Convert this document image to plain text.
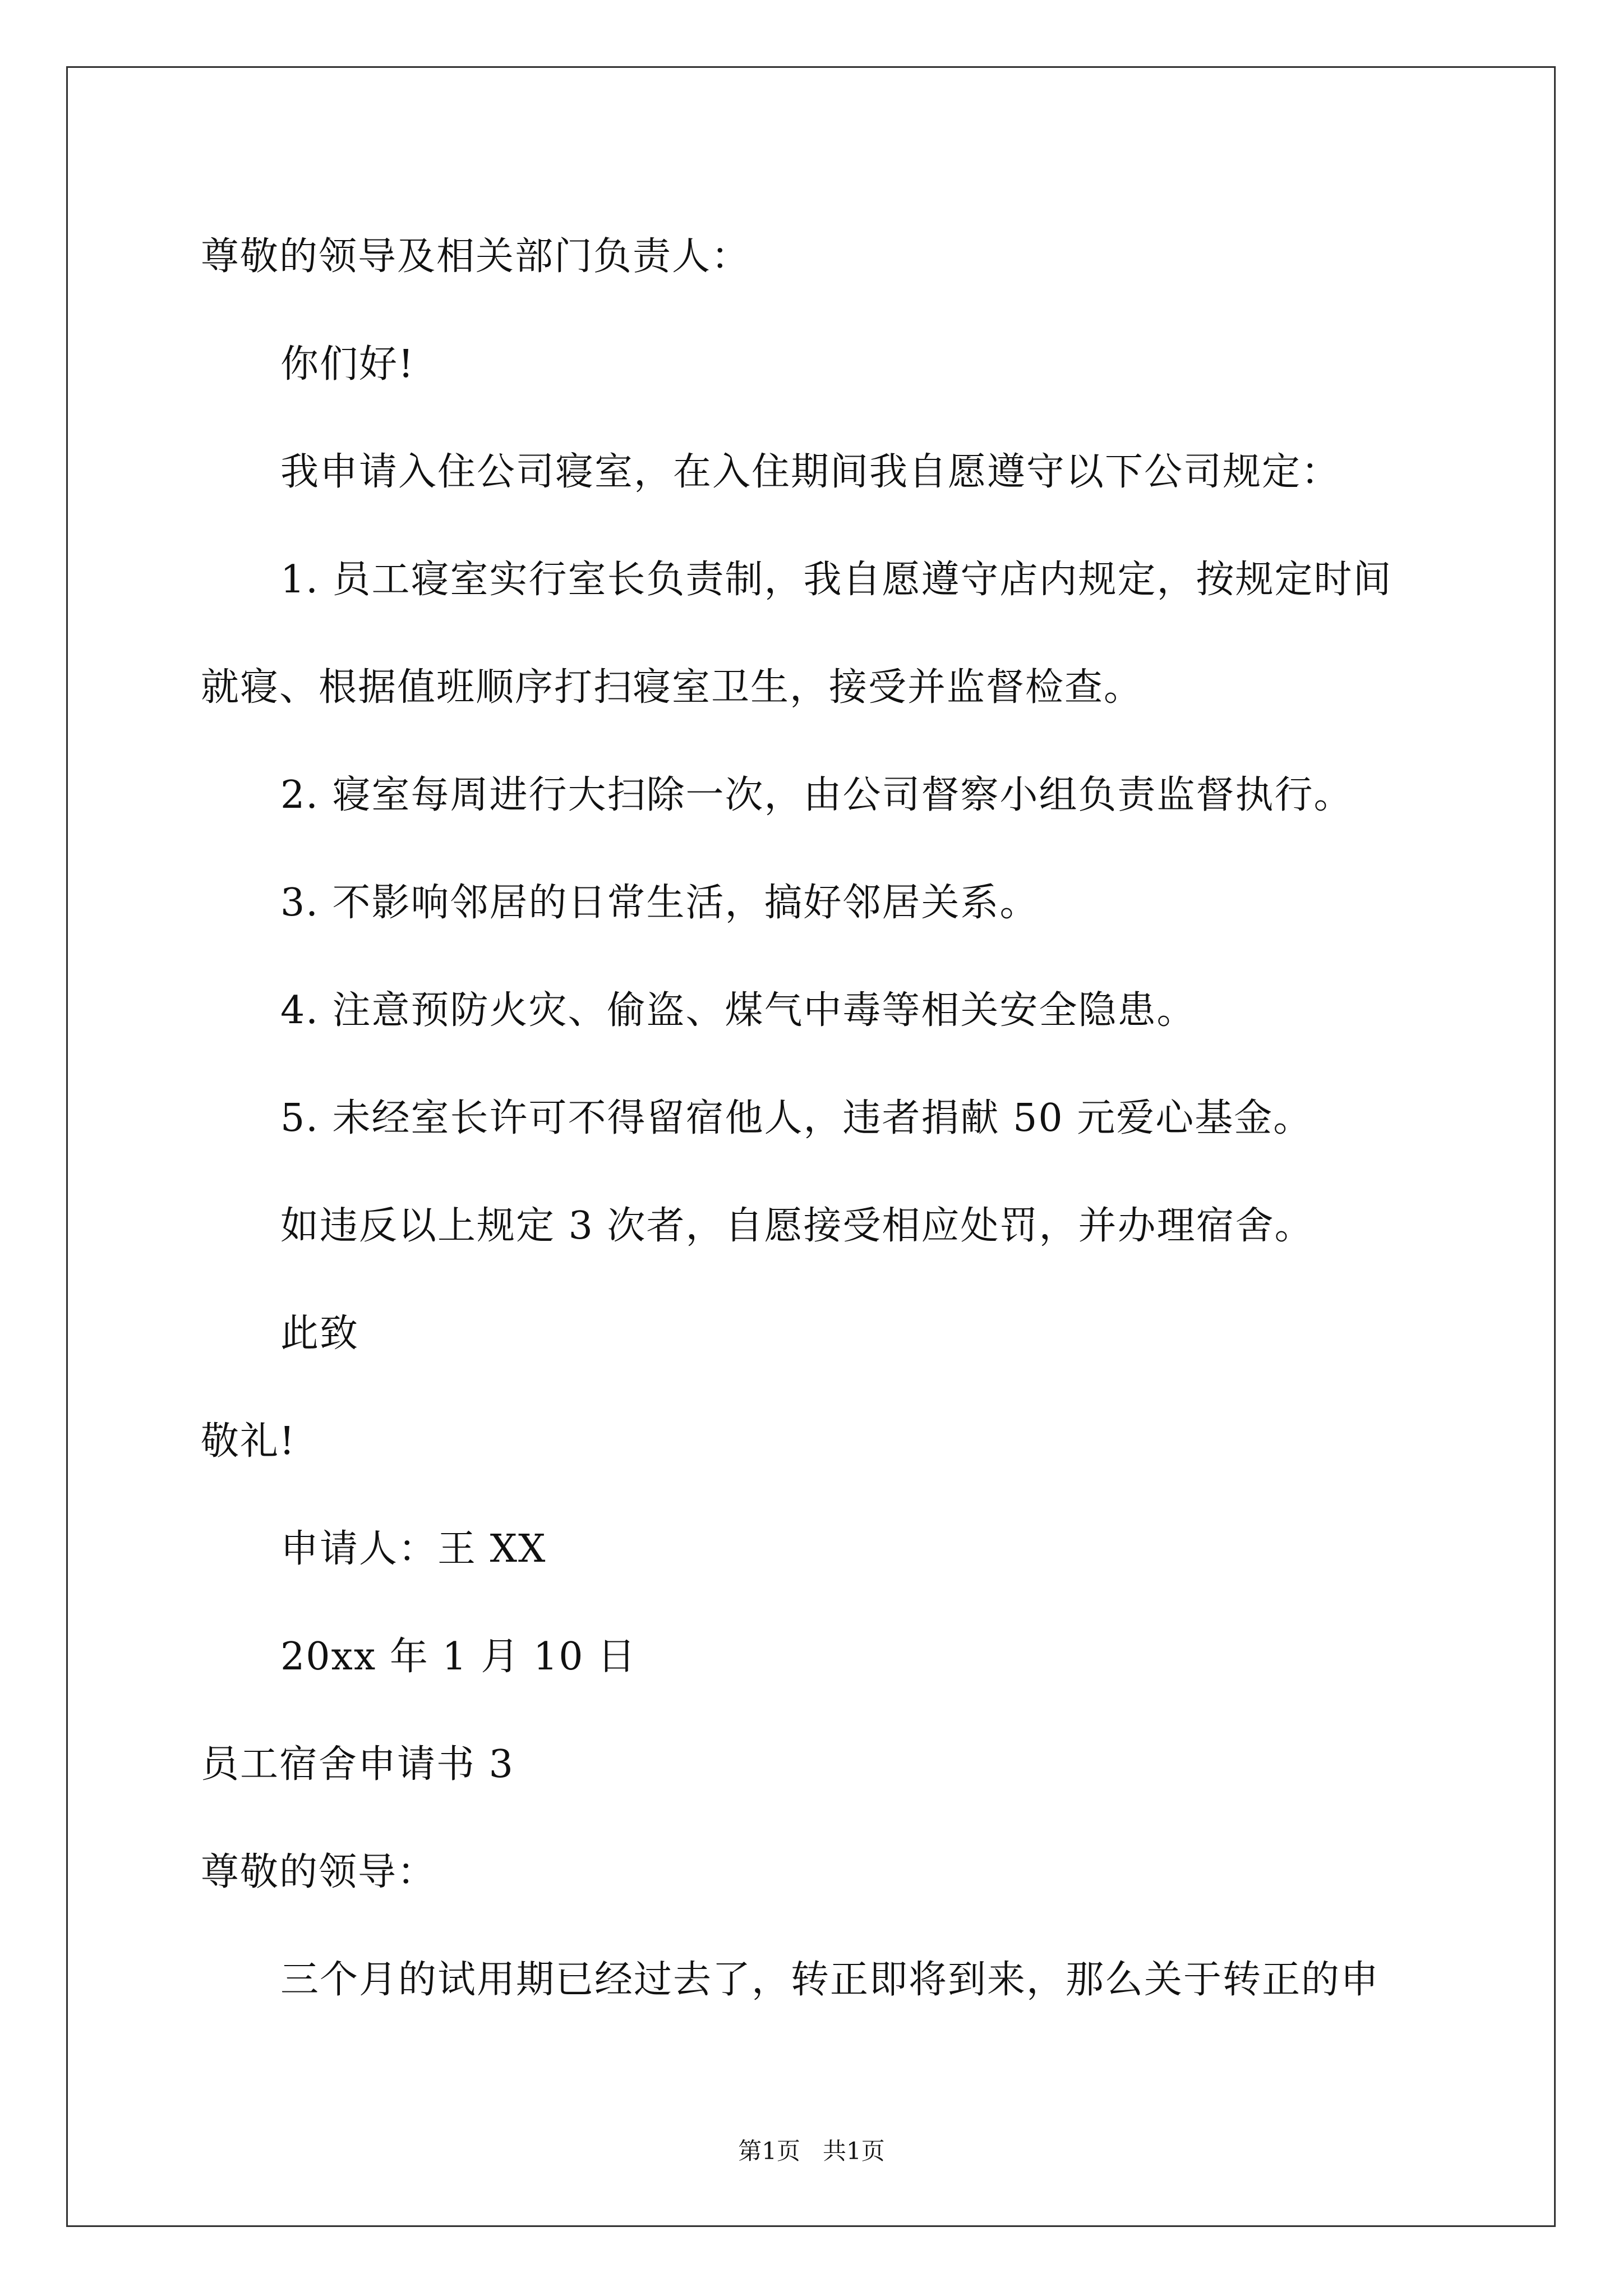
尊敬的领导及相关部门负责人：
你们好!
我申请入住公司寝室，在入住期间我自愿遵守以下公司规定：
1. 员工寝室实行室长负责制，我自愿遵守店内规定，按规定时间
就寝、根据值班顺序打扫寝室卫生，接受并监督检查。
2. 寝室每周进行大扫除一次，由公司督察小组负责监督执行。
3. 不影响邻居的日常生活，搞好邻居关系。
4. 注意预防火灾、偷盗、煤气中毒等相关安全隐患。
5. 未经室长许可不得留宿他人，违者捐献 50 元爱心基金。
如违反以上规定 3 次者，自愿接受相应处罚，并办理宿舍。
此致
敬礼!
申请人：王 XX
20xx 年 1 月 10 日
员工宿舍申请书 3
尊敬的领导：
三个月的试用期已经过去了，转正即将到来，那么关于转正的申
第1页   共1页
